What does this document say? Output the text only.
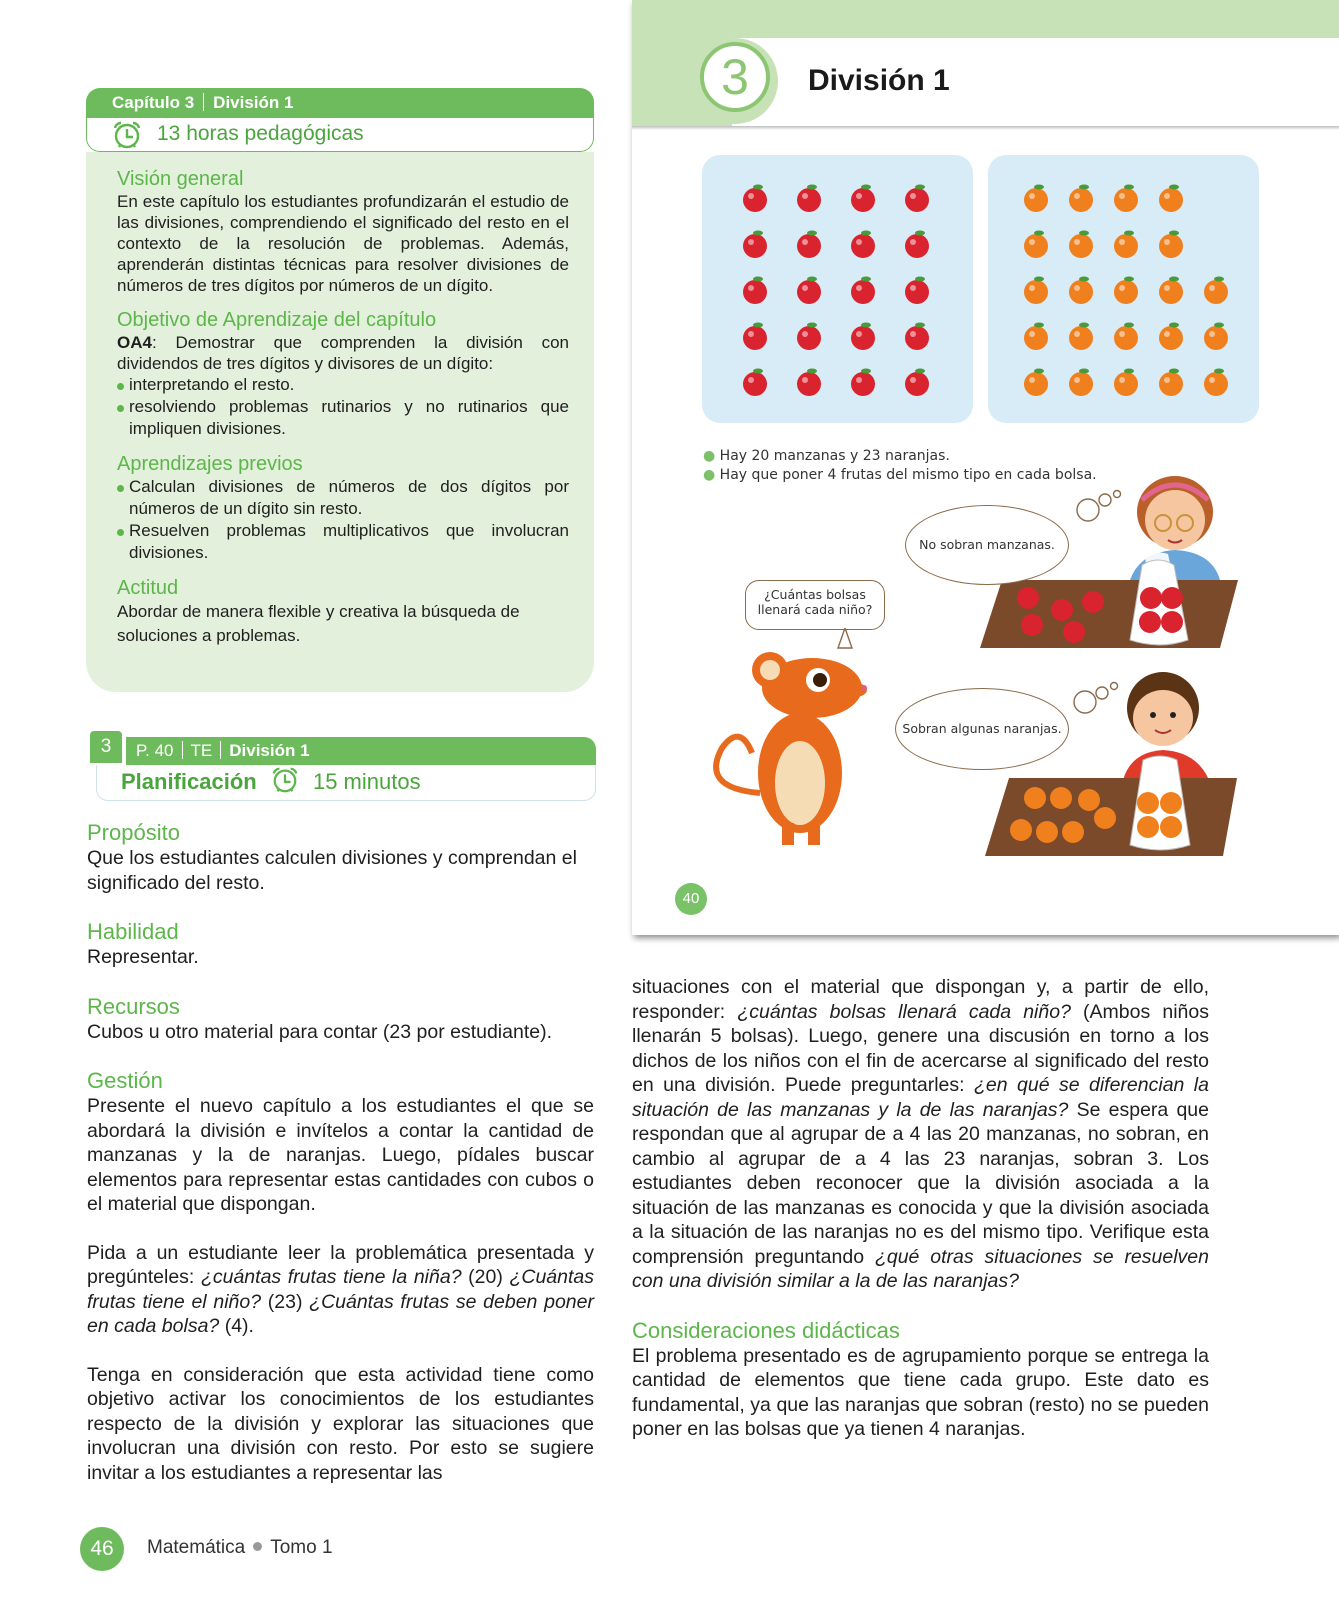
Capítulo 3 División 1
13 horas pedagógicas
Visión general
En este capítulo los estudiantes profundizarán el estudio de las divisiones, comprendiendo el significado del resto en el contexto de la resolución de problemas. Además, aprenderán distintas técnicas para resolver divisiones de números de tres dígitos por números de un dígito.
Objetivo de Aprendizaje del capítulo
OA4: Demostrar que comprenden la división con dividendos de tres dígitos y divisores de un dígito:
interpretando el resto.
resolviendo problemas rutinarios y no rutinarios que impliquen divisiones.
Aprendizajes previos
Calculan divisiones de números de dos dígitos por números de un dígito sin resto.
Resuelven problemas multiplicativos que involucran divisiones.
Actitud
Abordar de manera flexible y creativa la búsqueda de soluciones a problemas.
3	P. 40 TE División 1
Planificación	15 minutos
Propósito
Que los estudiantes calculen divisiones y comprendan el significado del resto.
Habilidad
Representar.
Recursos
Cubos u otro material para contar (23 por estudiante).
Gestión
Presente el nuevo capítulo a los estudiantes el que se abordará la división e invítelos a contar la cantidad de manzanas y la de naranjas. Luego, pídales buscar elementos para representar estas cantidades con cubos o el material que dispongan.
Pida a un estudiante leer la problemática presentada y pregúnteles: ¿cuántas frutas tiene la niña? (20) ¿Cuántas frutas tiene el niño? (23) ¿Cuántas frutas se deben poner en cada bolsa? (4).
Tenga en consideración que esta actividad tiene como objetivo activar los conocimientos de los estudiantes respecto de la división y explorar las situaciones que involucran una división con resto. Por esto se sugiere invitar a los estudiantes a representar las
3	División 1
● Hay 20 manzanas y 23 naranjas.
● Hay que poner 4 frutas del mismo tipo en cada bolsa.
No sobran manzanas.
¿Cuántas bolsas llenará cada niño?
Sobran algunas naranjas.
40
situaciones con el material que dispongan y, a partir de ello, responder: ¿cuántas bolsas llenará cada niño? (Ambos niños llenarán 5 bolsas). Luego, genere una discusión en torno a los dichos de los niños con el fin de acercarse al significado del resto en una división. Puede preguntarles: ¿en qué se diferencian la situación de las manzanas y la de las naranjas? Se espera que respondan que al agrupar de a 4 las 20 manzanas, no sobran, en cambio al agrupar de a 4 las 23 naranjas, sobran 3. Los estudiantes deben reconocer que la división asociada a la situación de las manzanas es conocida y que la división asociada a la situación de las naranjas no es del mismo tipo. Verifique esta comprensión preguntando ¿qué otras situaciones se resuelven con una división similar a la de las naranjas?
Consideraciones didácticas
El problema presentado es de agrupamiento porque se entrega la cantidad de elementos que tiene cada grupo. Este dato es fundamental, ya que las naranjas que sobran (resto) no se pueden poner en las bolsas que ya tienen 4 naranjas.
46	Matemática Tomo 1
